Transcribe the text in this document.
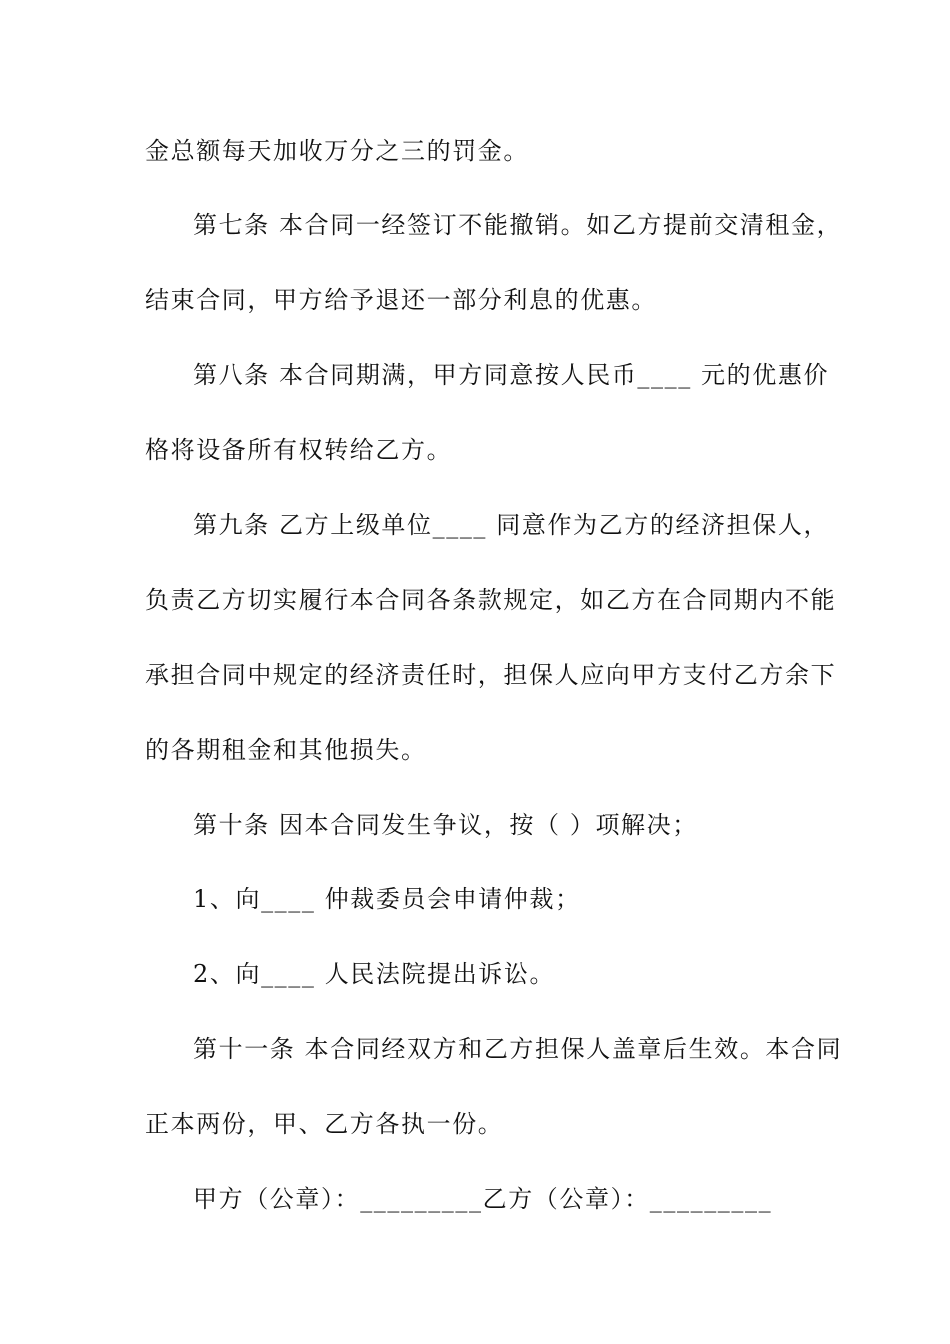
金总额每天加收万分之三的罚金。
第七条 本合同一经签订不能撤销。如乙方提前交清租金，
结束合同，甲方给予退还一部分利息的优惠。
第八条 本合同期满，甲方同意按人民币____ 元的优惠价
格将设备所有权转给乙方。
第九条 乙方上级单位____ 同意作为乙方的经济担保人，
负责乙方切实履行本合同各条款规定，如乙方在合同期内不能
承担合同中规定的经济责任时，担保人应向甲方支付乙方余下
的各期租金和其他损失。
第十条 因本合同发生争议，按（ ）项解决；
1、向____ 仲裁委员会申请仲裁；
2、向____ 人民法院提出诉讼。
第十一条 本合同经双方和乙方担保人盖章后生效。本合同
正本两份，甲、乙方各执一份。
甲方（公章）：_________乙方（公章）：_________
